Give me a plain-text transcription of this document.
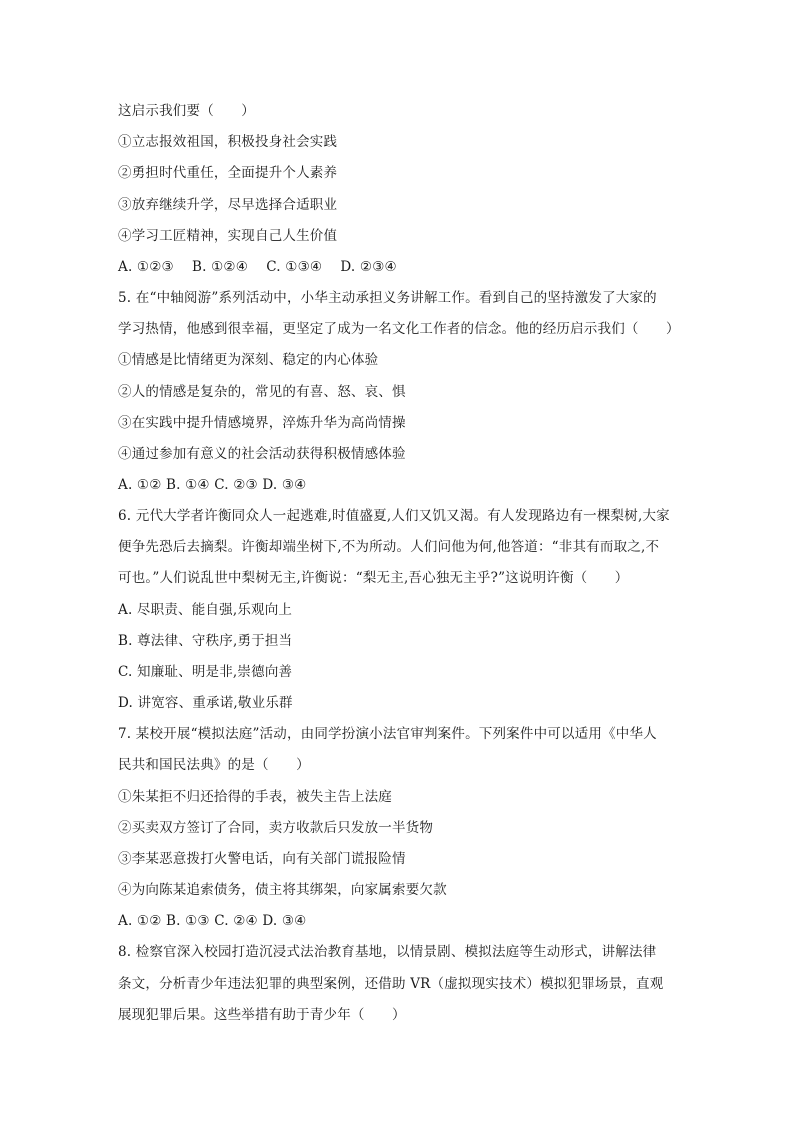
这启示我们要（　　）
①立志报效祖国，积极投身社会实践
②勇担时代重任，全面提升个人素养
③放弃继续升学，尽早选择合适职业
④学习工匠精神，实现自己人生价值
A. ①②③　 B. ①②④　 C. ①③④　 D. ②③④
5. 在“中轴阅游”系列活动中，小华主动承担义务讲解工作。看到自己的坚持激发了大家的
学习热情，他感到很幸福，更坚定了成为一名文化工作者的信念。他的经历启示我们（　　）
①情感是比情绪更为深刻、稳定的内心体验
②人的情感是复杂的，常见的有喜、怒、哀、惧
③在实践中提升情感境界，淬炼升华为高尚情操
④通过参加有意义的社会活动获得积极情感体验
A. ①② B. ①④ C. ②③ D. ③④
6. 元代大学者许衡同众人一起逃难,时值盛夏,人们又饥又渴。有人发现路边有一棵梨树,大家
便争先恐后去摘梨。许衡却端坐树下,不为所动。人们问他为何,他答道：“非其有而取之,不
可也。”人们说乱世中梨树无主,许衡说：“梨无主,吾心独无主乎?”这说明许衡（　　）
A. 尽职责、能自强,乐观向上
B. 尊法律、守秩序,勇于担当
C. 知廉耻、明是非,崇德向善
D. 讲宽容、重承诺,敬业乐群
7. 某校开展“模拟法庭”活动，由同学扮演小法官审判案件。下列案件中可以适用《中华人
民共和国民法典》的是（　　）
①朱某拒不归还拾得的手表，被失主告上法庭
②买卖双方签订了合同，卖方收款后只发放一半货物
③李某恶意拨打火警电话，向有关部门谎报险情
④为向陈某追索债务，债主将其绑架，向家属索要欠款
A. ①② B. ①③ C. ②④ D. ③④
8. 检察官深入校园打造沉浸式法治教育基地，以情景剧、模拟法庭等生动形式，讲解法律
条文，分析青少年违法犯罪的典型案例，还借助 VR（虚拟现实技术）模拟犯罪场景，直观
展现犯罪后果。这些举措有助于青少年（　　）
